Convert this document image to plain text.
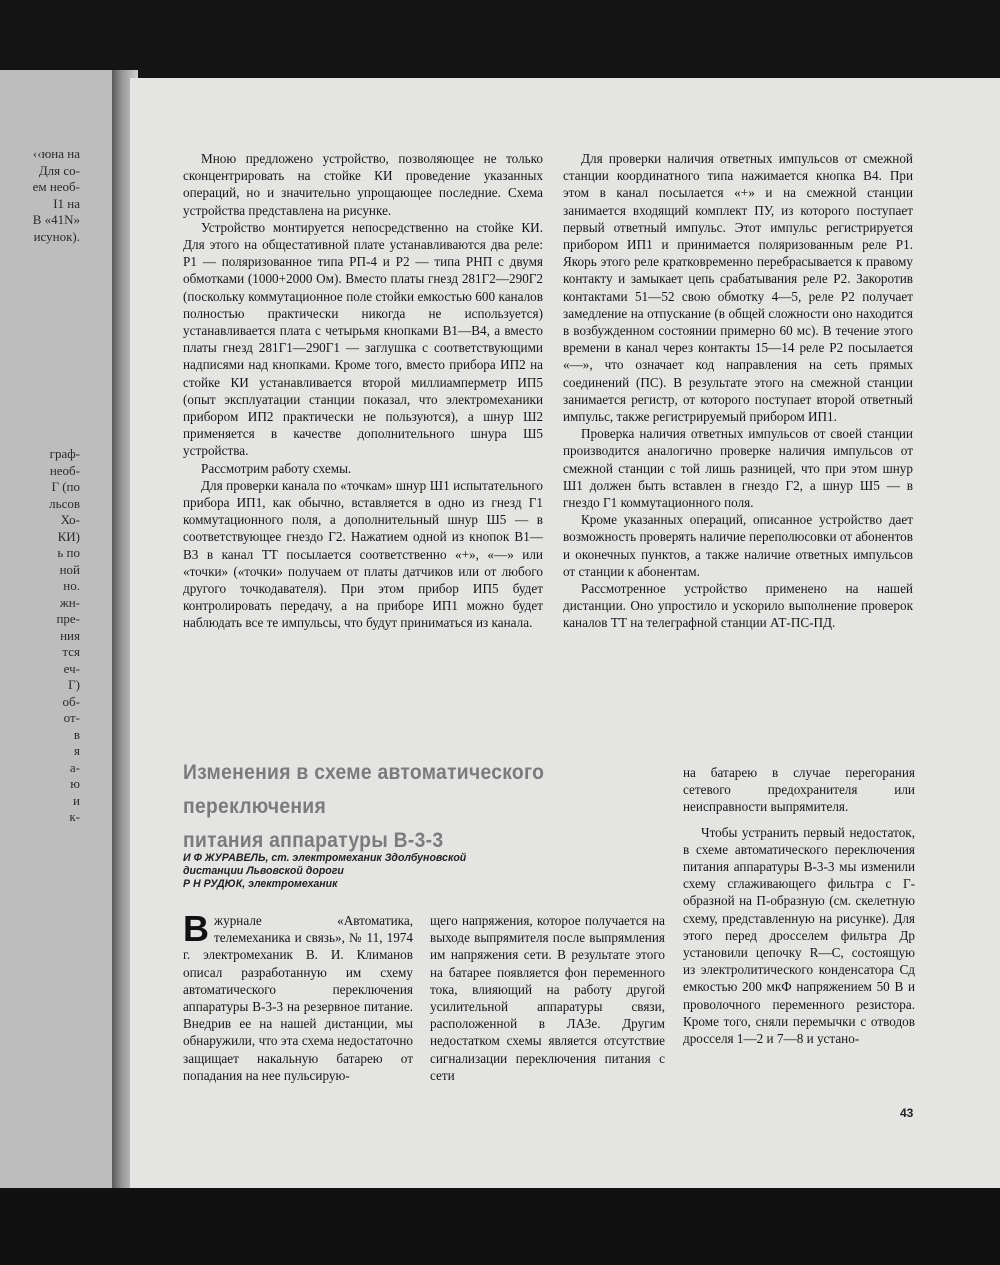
‹‹юна на
Для со-
ем необ-
I1 на
В «41N»
исунок).
граф-
необ-
Г (по
льсов
Хо-
КИ)
ь по
ной
но.
жн-
пре-
ния
тся
еч-
Г)
об-
от-
в
я
а-
ю
и
к-

Мною предложено устройство, позволяющее не только сконцентрировать на стойке КИ проведение указанных операций, но и значительно упрощающее последние. Схема устройства представлена на рисунке.

Устройство монтируется непосредственно на стойке КИ. Для этого на общестативной плате устанавливаются два реле: Р1 — поляризованное типа РП-4 и Р2 — типа РНП с двумя обмотками (1000+2000 Ом). Вместо платы гнезд 281Г2—290Г2 (поскольку коммутационное поле стойки емкостью 600 каналов полностью практически никогда не используется) устанавливается плата с четырьмя кнопками В1—В4, а вместо платы гнезд 281Г1—290Г1 — заглушка с соответствующими надписями над кнопками. Кроме того, вместо прибора ИП2 на стойке КИ устанавливается второй миллиамперметр ИП5 (опыт эксплуатации станции показал, что электромеханики прибором ИП2 практически не пользуются), а шнур Ш2 применяется в качестве дополнительного шнура Ш5 устройства.

Рассмотрим работу схемы.

Для проверки канала по «точкам» шнур Ш1 испытательного прибора ИП1, как обычно, вставляется в одно из гнезд Г1 коммутационного поля, а дополнительный шнур Ш5 — в соответствующее гнездо Г2. Нажатием одной из кнопок В1—В3 в канал ТТ посылается соответственно «+», «—» или «точки» («точки» получаем от платы датчиков или от любого другого точкодавателя). При этом прибор ИП5 будет контролировать передачу, а на приборе ИП1 можно будет наблюдать все те импульсы, что будут приниматься из канала.

Для проверки наличия ответных импульсов от смежной станции координатного типа нажимается кнопка В4. При этом в канал посылается «+» и на смежной станции занимается входящий комплект ПУ, из которого поступает первый ответный импульс. Этот импульс регистрируется прибором ИП1 и принимается поляризованным реле Р1. Якорь этого реле кратковременно перебрасывается к правому контакту и замыкает цепь срабатывания реле Р2. Закоротив контактами 51—52 свою обмотку 4—5, реле Р2 получает замедление на отпускание (в общей сложности оно находится в возбужденном состоянии примерно 60 мс). В течение этого времени в канал через контакты 15—14 реле Р2 посылается «—», что означает код направления на сеть прямых соединений (ПС). В результате этого на смежной станции занимается регистр, от которого поступает второй ответный импульс, также регистрируемый прибором ИП1.

Проверка наличия ответных импульсов от своей станции производится аналогично проверке наличия импульсов от смежной станции с той лишь разницей, что при этом шнур Ш1 должен быть вставлен в гнездо Г2, а шнур Ш5 — в гнездо Г1 коммутационного поля.

Кроме указанных операций, описанное устройство дает возможность проверять наличие переполюсовки от абонентов и оконечных пунктов, а также наличие ответных импульсов от станции к абонентам.

Рассмотренное устройство применено на нашей дистанции. Оно упростило и ускорило выполнение проверок каналов ТТ на телеграфной станции АТ-ПС-ПД.

Изменения в схеме автоматического переключения
питания аппаратуры В-3-3
И Ф ЖУРАВЕЛЬ, ст. электромеханик Здолбуновской
дистанции Львовской дороги
Р Н РУДЮК, электромеханик
Вжурнале «Автоматика, телемеханика и связь», № 11, 1974 г. электромеханик В. И. Климанов описал разработанную им схему автоматического переключения аппаратуры В-3-3 на резервное питание. Внедрив ее на нашей дистанции, мы обнаружили, что эта схема недостаточно защищает накальную батарею от попадания на нее пульсирую-
щего напряжения, которое получается на выходе выпрямителя после выпрямления им напряжения сети. В результате этого на батарее появляется фон переменного тока, влияющий на работу другой усилительной аппаратуры связи, расположенной в ЛАЗе. Другим недостатком схемы является отсутствие сигнализации переключения питания с сети
на батарею в случае перегорания сетевого предохранителя или неисправности выпрямителя.

Чтобы устранить первый недостаток, в схеме автоматического переключения питания аппаратуры В-3-3 мы изменили схему сглаживающего фильтра с Г-образной на П-образную (см. скелетную схему, представленную на рисунке). Для этого перед дросселем фильтра Др установили цепочку R—C, состоящую из электролитического конденсатора Сд емкостью 200 мкФ напряжением 50 В и проволочного переменного резистора. Кроме того, сняли перемычки с отводов дросселя 1—2 и 7—8 и устано-

43
